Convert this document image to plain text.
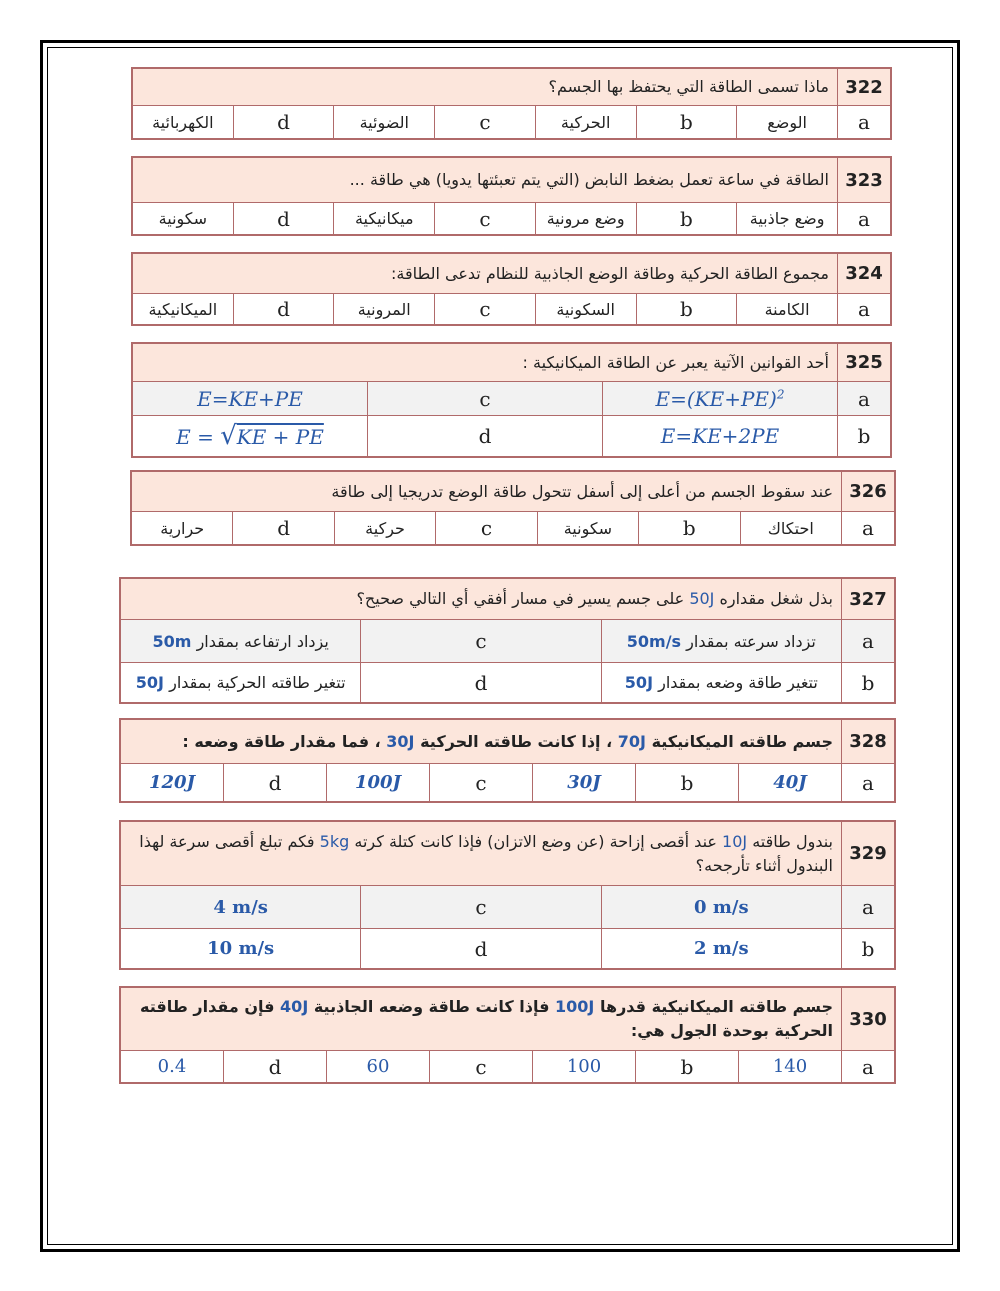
ماذا تسمى الطاقة التي يحتفظ بها الجسم؟							322
الكهربائية	d	الضوئية	c	الحركية	b	الوضع	a
الطاقة في ساعة تعمل بضغط النابض (التي يتم تعبئتها يدويا) هي طاقة ...							323
سكونية	d	ميكانيكية	c	وضع مرونية	b	وضع جاذبية	a
مجموع الطاقة الحركية وطاقة الوضع الجاذبية للنظام تدعى الطاقة:							324
الميكانيكية	d	المرونية	c	السكونية	b	الكامنة	a
أحد القوانين الآتية يعبر عن الطاقة الميكانيكية :			325
E=KE+PE	c	$E=(KE+PE)^2$	a
E = √KE + PE	d	E=KE+2PE	b
عند سقوط الجسم من أعلى إلى أسفل تتحول طاقة الوضع تدريجيا إلى طاقة							326
حرارية	d	حركية	c	سكونية	b	احتكاك	a
بذل شغل مقداره 50J على جسم يسير في مسار أفقي أي التالي صحيح؟			327
يزداد ارتفاعه بمقدار 50m	c	تزداد سرعته بمقدار 50m/s	a
تتغير طاقته الحركية بمقدار 50J	d	تتغير طاقة وضعه بمقدار 50J	b
جسم طاقته الميكانيكية 70J ، إذا كانت طاقته الحركية 30J ، فما مقدار طاقة وضعه :							328
120J	d	100J	c	30J	b	40J	a
بندول طاقته 10J عند أقصى إزاحة (عن وضع الاتزان) فإذا كانت كتلة كرته 5kg فكم تبلغ أقصى سرعة لهذا البندول أثناء تأرجحه؟			329
4 m/s	c	0 m/s	a
10 m/s	d	2 m/s	b
جسم طاقته الميكانيكية قدرها 100J فإذا كانت طاقة وضعه الجاذبية 40J فإن مقدار طاقته الحركية بوحدة الجول هي:							330
0.4	d	60	c	100	b	140	a
